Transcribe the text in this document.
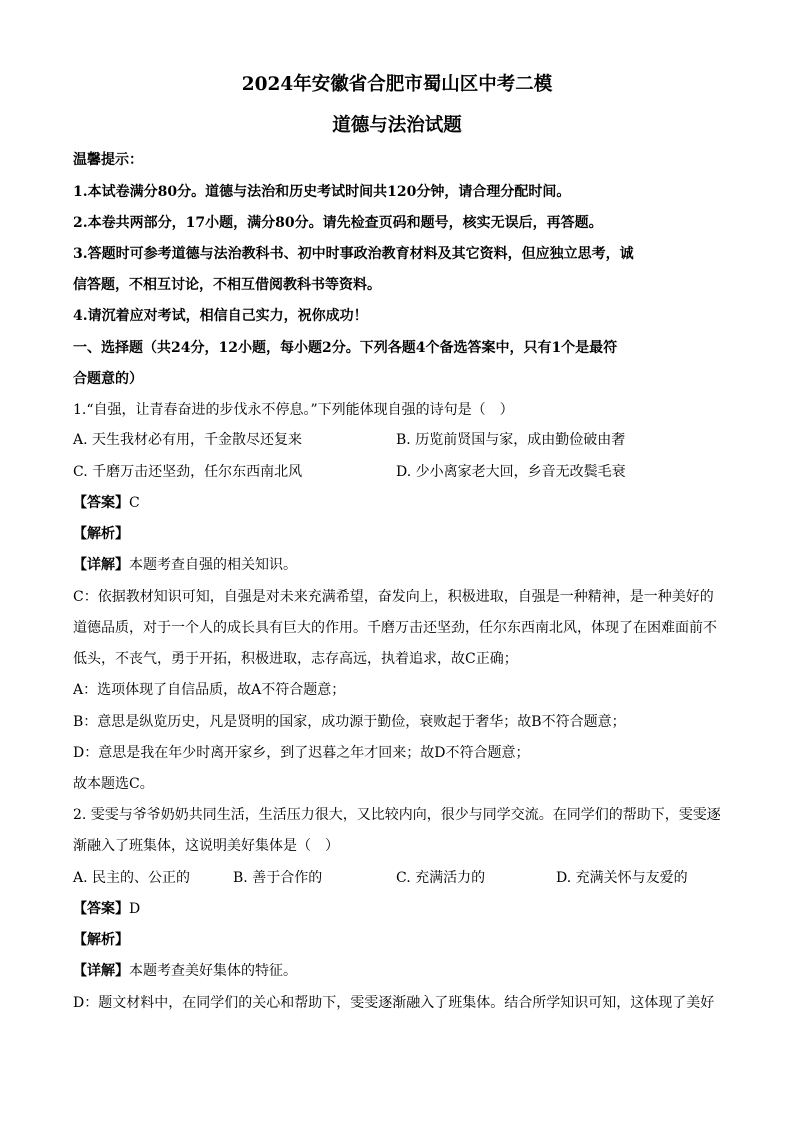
2024年安徽省合肥市蜀山区中考二模
道德与法治试题
温馨提示：
1.本试卷满分80分。道德与法治和历史考试时间共120分钟，请合理分配时间。
2.本卷共两部分，17小题，满分80分。请先检查页码和题号，核实无误后，再答题。
3.答题时可参考道德与法治教科书、初中时事政治教育材料及其它资料，但应独立思考，诚
信答题，不相互讨论，不相互借阅教科书等资料。
4.请沉着应对考试，相信自己实力，祝你成功！
一、选择题（共24分，12小题，每小题2分。下列各题4个备选答案中，只有1个是最符
合题意的）
1.“自强，让青春奋进的步伐永不停息。”下列能体现自强的诗句是（　）
A. 天生我材必有用，千金散尽还复来	B. 历览前贤国与家，成由勤俭破由奢
C. 千磨万击还坚劲，任尔东西南北风	D. 少小离家老大回，乡音无改鬓毛衰
【答案】C
【解析】
【详解】本题考查自强的相关知识。
C：依据教材知识可知，自强是对未来充满希望，奋发向上，积极进取，自强是一种精神，是一种美好的
道德品质，对于一个人的成长具有巨大的作用。千磨万击还坚劲，任尔东西南北风，体现了在困难面前不
低头，不丧气，勇于开拓，积极进取，志存高远，执着追求，故C正确；
A：选项体现了自信品质，故A不符合题意；
B：意思是纵览历史，凡是贤明的国家，成功源于勤俭，衰败起于奢华；故B不符合题意；
D：意思是我在年少时离开家乡，到了迟暮之年才回来；故D不符合题意；
故本题选C。
2. 雯雯与爷爷奶奶共同生活，生活压力很大，又比较内向，很少与同学交流。在同学们的帮助下，雯雯逐
渐融入了班集体，这说明美好集体是（　）
A. 民主的、公正的	B. 善于合作的	C. 充满活力的	D. 充满关怀与友爱的
【答案】D
【解析】
【详解】本题考查美好集体的特征。
D：题文材料中，在同学们的关心和帮助下，雯雯逐渐融入了班集体。结合所学知识可知，这体现了美好
